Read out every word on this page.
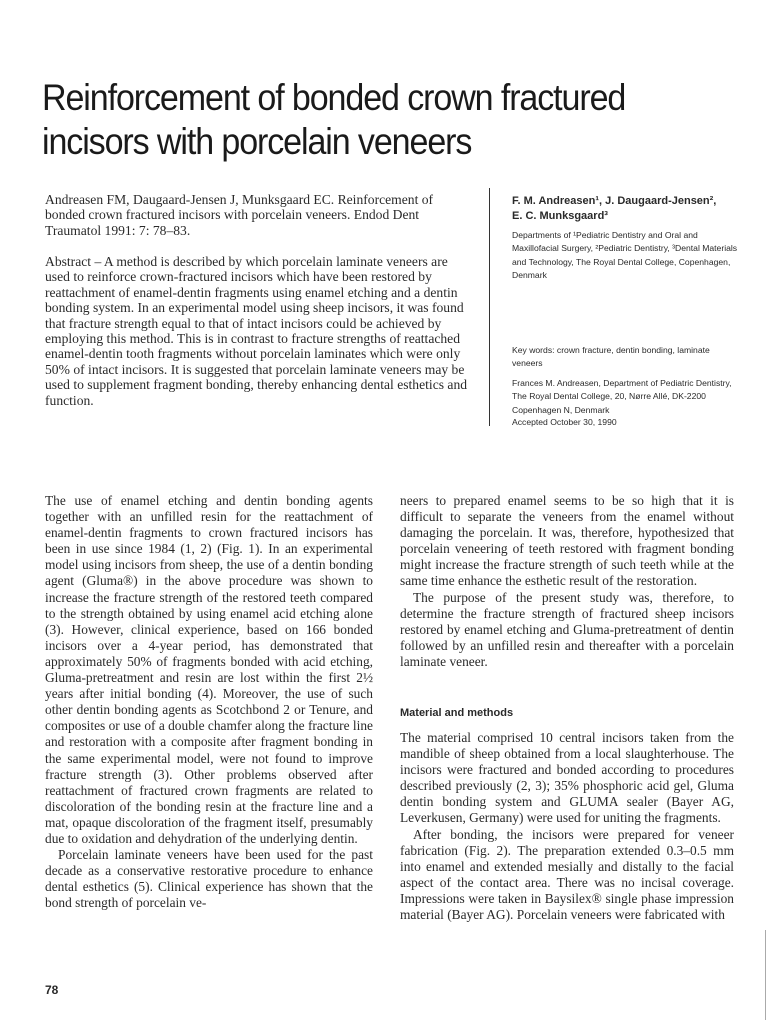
Reinforcement of bonded crown fractured incisors with porcelain veneers

Andreasen FM, Daugaard-Jensen J, Munksgaard EC. Reinforcement of bonded crown fractured incisors with porcelain veneers. Endod Dent Traumatol 1991: 7: 78–83.

Abstract – A method is described by which porcelain laminate veneers are used to reinforce crown-fractured incisors which have been restored by reattachment of enamel-dentin fragments using enamel etching and a dentin bonding system. In an experimental model using sheep incisors, it was found that fracture strength equal to that of intact incisors could be achieved by employing this method. This is in contrast to fracture strengths of reattached enamel-dentin tooth fragments without porcelain laminates which were only 50% of intact incisors. It is suggested that porcelain laminate veneers may be used to supplement fragment bonding, thereby enhancing dental esthetics and function.

F. M. Andreasen¹, J. Daugaard-Jensen²,
E. C. Munksgaard³

Departments of ¹Pediatric Dentistry and Oral and Maxillofacial Surgery, ²Pediatric Dentistry, ³Dental Materials and Technology, The Royal Dental College, Copenhagen, Denmark

Key words: crown fracture, dentin bonding, laminate veneers

Frances M. Andreasen, Department of Pediatric Dentistry, The Royal Dental College, 20, Nørre Allé, DK-2200 Copenhagen N, Denmark

Accepted October 30, 1990

The use of enamel etching and dentin bonding agents together with an unfilled resin for the reattachment of enamel-dentin fragments to crown fractured incisors has been in use since 1984 (1, 2) (Fig. 1). In an experimental model using incisors from sheep, the use of a dentin bonding agent (Gluma®) in the above procedure was shown to increase the fracture strength of the restored teeth compared to the strength obtained by using enamel acid etching alone (3). However, clinical experience, based on 166 bonded incisors over a 4-year period, has demonstrated that approximately 50% of fragments bonded with acid etching, Gluma-pretreatment and resin are lost within the first 2½ years after initial bonding (4). Moreover, the use of such other dentin bonding agents as Scotchbond 2 or Tenure, and composites or use of a double chamfer along the fracture line and restoration with a composite after fragment bonding in the same experimental model, were not found to improve fracture strength (3). Other problems observed after reattachment of fractured crown fragments are related to discoloration of the bonding resin at the fracture line and a mat, opaque discoloration of the fragment itself, presumably due to oxidation and dehydration of the underlying dentin.

Porcelain laminate veneers have been used for the past decade as a conservative restorative procedure to enhance dental esthetics (5). Clinical experience has shown that the bond strength of porcelain ve-

neers to prepared enamel seems to be so high that it is difficult to separate the veneers from the enamel without damaging the porcelain. It was, therefore, hypothesized that porcelain veneering of teeth restored with fragment bonding might increase the fracture strength of such teeth while at the same time enhance the esthetic result of the restoration.

The purpose of the present study was, therefore, to determine the fracture strength of fractured sheep incisors restored by enamel etching and Gluma-pretreatment of dentin followed by an unfilled resin and thereafter with a porcelain laminate veneer.

Material and methods

The material comprised 10 central incisors taken from the mandible of sheep obtained from a local slaughterhouse. The incisors were fractured and bonded according to procedures described previously (2, 3); 35% phosphoric acid gel, Gluma dentin bonding system and GLUMA sealer (Bayer AG, Leverkusen, Germany) were used for uniting the fragments.

After bonding, the incisors were prepared for veneer fabrication (Fig. 2). The preparation extended 0.3–0.5 mm into enamel and extended mesially and distally to the facial aspect of the contact area. There was no incisal coverage. Impressions were taken in Baysilex® single phase impression material (Bayer AG). Porcelain veneers were fabricated with

78
